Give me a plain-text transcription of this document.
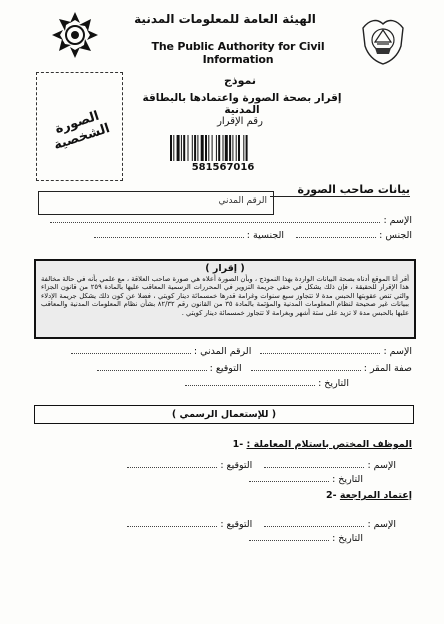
الهيئة العامة للمعلومات المدنية
The Public Authority for Civil Information
الصورة الشخصية
نموذج
إقرار بصحة الصورة واعتمادها بالبطاقة المدنية
رقم الإقرار
581567016
بيانات صاحب الصورة
الرقم المدني
الإسم :
الجنس :     الجنسية :
( إقرار )
أقر أنا الموقع أدناه بصحة البيانات الواردة بهذا النموذج ، وبأن الصورة أعلاه هي صورة صاحب العلاقة ، مع علمي بأنه في حالة مخالفة هذا الإقرار للحقيقة ، فإن ذلك يشكل في حقي جريمة التزوير في المحررات الرسمية المعاقب عليها بالمادة ٢٥٩ من قانون الجزاء والتي تنص عقوبتها الحبس مدة لا تتجاوز سبع سنوات وغرامة قدرها خمسمائة دينار كويتي ، فضلا عن كون ذلك يشكل جريمة الإدلاء ببيانات غير صحيحة لنظام المعلومات المدنية والمؤثمة بالمادة ٣٥ من القانون رقم ٨٢/٣٢ بشأن نظام المعلومات المدنية والمعاقب عليها بالحبس مدة لا تزيد على ستة أشهر وبغرامة لا تتجاوز خمسمائة دينار كويتي .
الإسم :    الرقم المدني :
صفة المقر :    التوقيع :
التاريخ :
( للإستعمال الرسمي )
الموظف المختص باستلام المعاملة : -1
الإسم :     التوقيع :
التاريخ :
إعتماد المراجعة -2
الإسم :     التوقيع :
التاريخ :
